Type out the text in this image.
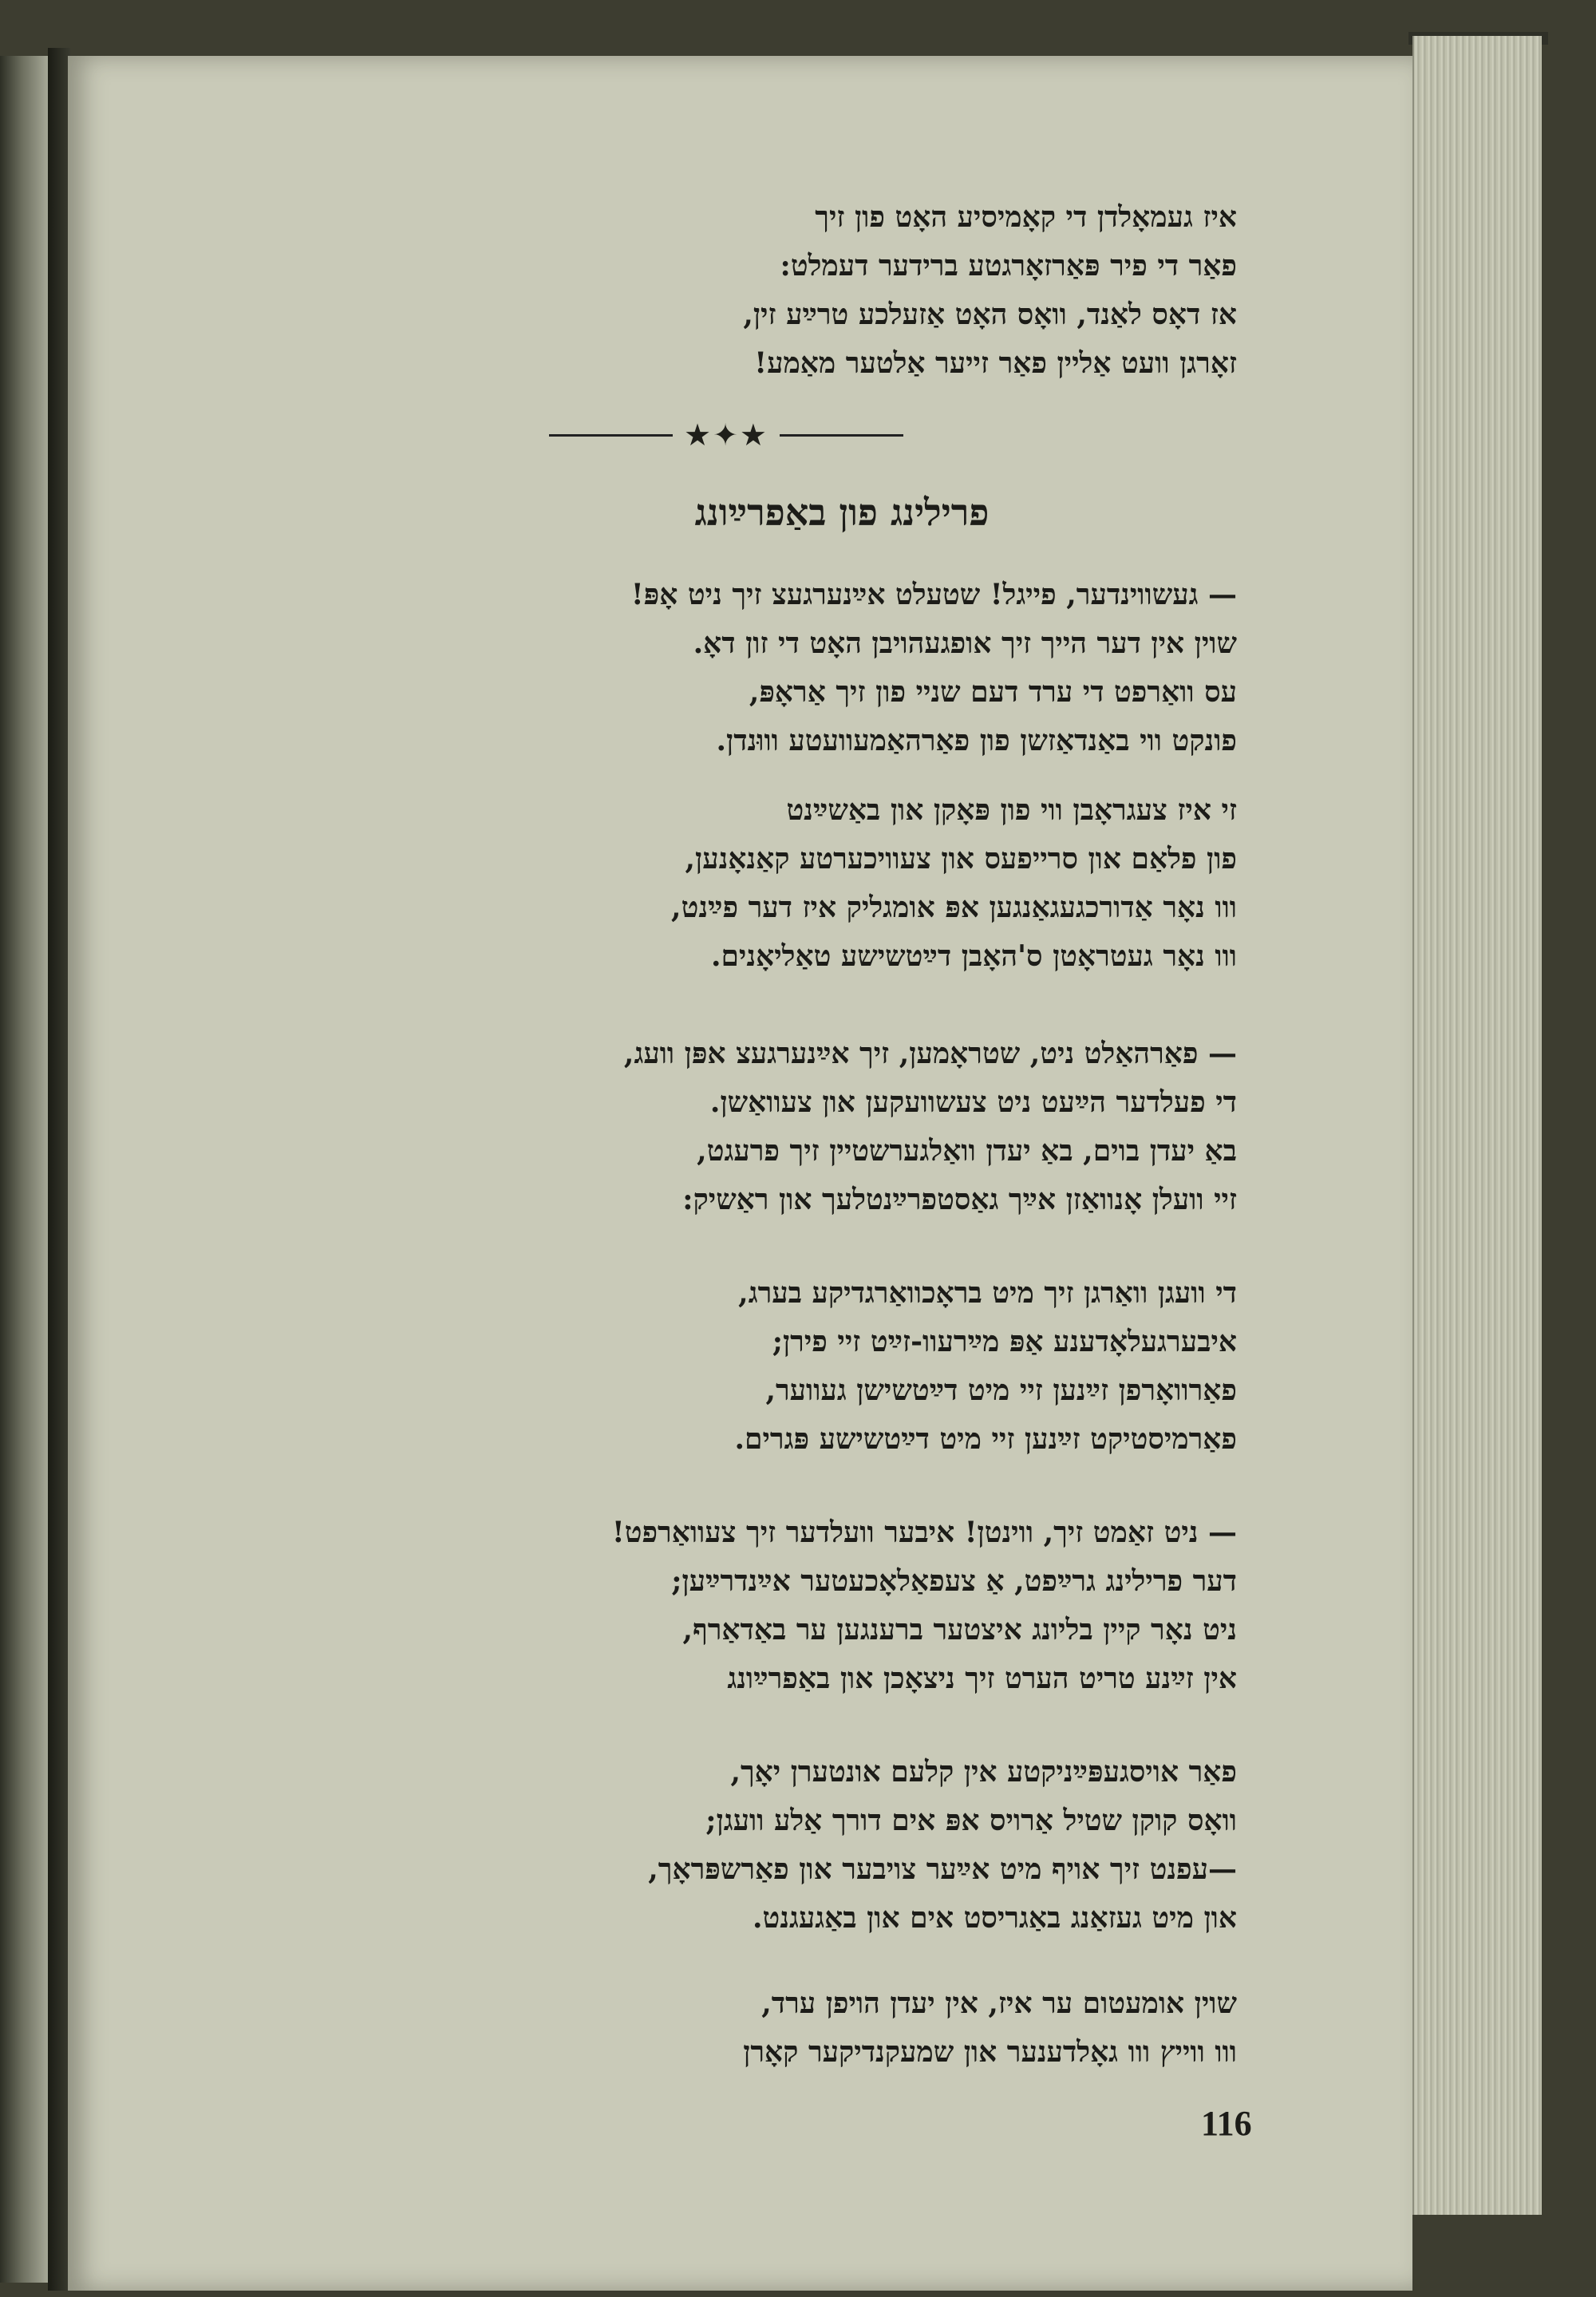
איז געמאָלדן די קאָמיסיע האָט פון זיך
פאַר די פיר פּאַרזאָרגטע ברידער דעמלט:
אז דאָס לאַנד, וואָס האָט אַזעלכע טרײַע זין,
זאָרגן וועט אַליין פאַר זייער אַלטער מאַמע!
★✦★
פרילינג פון באַפרײַונג
— געשווינדער, פייגל! שטעלט אײַנערגעצ זיך ניט אָפּ!
שוין אין דער הייך זיך אופגעהויבן האָט די זון דאָ.
עס וואַרפט די ערד דעם שניי פון זיך אַראָפּ,
פונקט ווי באַנדאַזשן פון פאַרהאַמעוועטע וווּנדן.
זי איז צעגראָבן ווי פון פּאָקן און באַשײַנט
פון פלאַם און סרייפעס און צעוויכערטע קאַנאָנען,
ווו נאָר אַדורכגעגאַנגען אפּ אומגליק איז דער פײַנט,
ווו נאָר געטראָטן ס'האָבן דײַטשישע טאַליאָנים.
— פאַרהאַלט ניט, שטראָמען, זיך אײַנערגעצ אפּן וועג,
די פעלדער הײַעט ניט צעשוועקען און צעוואַשן.
באַ יעדן בוים, באַ יעדן וואַלגערשטיין זיך פרעגט,
זיי וועלן אָנוואַזן אײַך גאַסטפרײַנטלעך און ראַשיק:
די וועגן וואַרגן זיך מיט בראָכוואַרגדיקע בערג,
איבערגעלאָדענע אַפּ מײַרעוו-זײַט זיי פירן;
פאַרוואָרפן זײַנען זיי מיט דײַטשישן געווער,
פאַרמיסטיקט זײַנען זיי מיט דײַטשישע פּגרים.
— ניט זאַמט זיך, ווינטן! איבער וועלדער זיך צעוואַרפט!
דער פרילינג גרײַפט, אַ צעפאַלאָכעטער אײַנדרײַען;
ניט נאָר קיין בליונג איצטער ברענגען ער באַדאַרף,
אין זײַנע טריט הערט זיך ניצאָכן און באַפרײַונג
פאַר אויסגעפּײַניקטע אין קלעם אונטערן יאָך,
וואָס קוקן שטיל אַרויס אפּ אים דורך אַלע וועגן;
—עפנט זיך אויף מיט אײַער צויבער און פאַרשפּראָך,
און מיט געזאַנג באַגריסט אים און באַגעגנט.
שוין אומעטום ער איז, אין יעדן הויפן ערד,
ווו ווייץ ווו גאָלדענער און שמעקנדיקער קאָרן
116
